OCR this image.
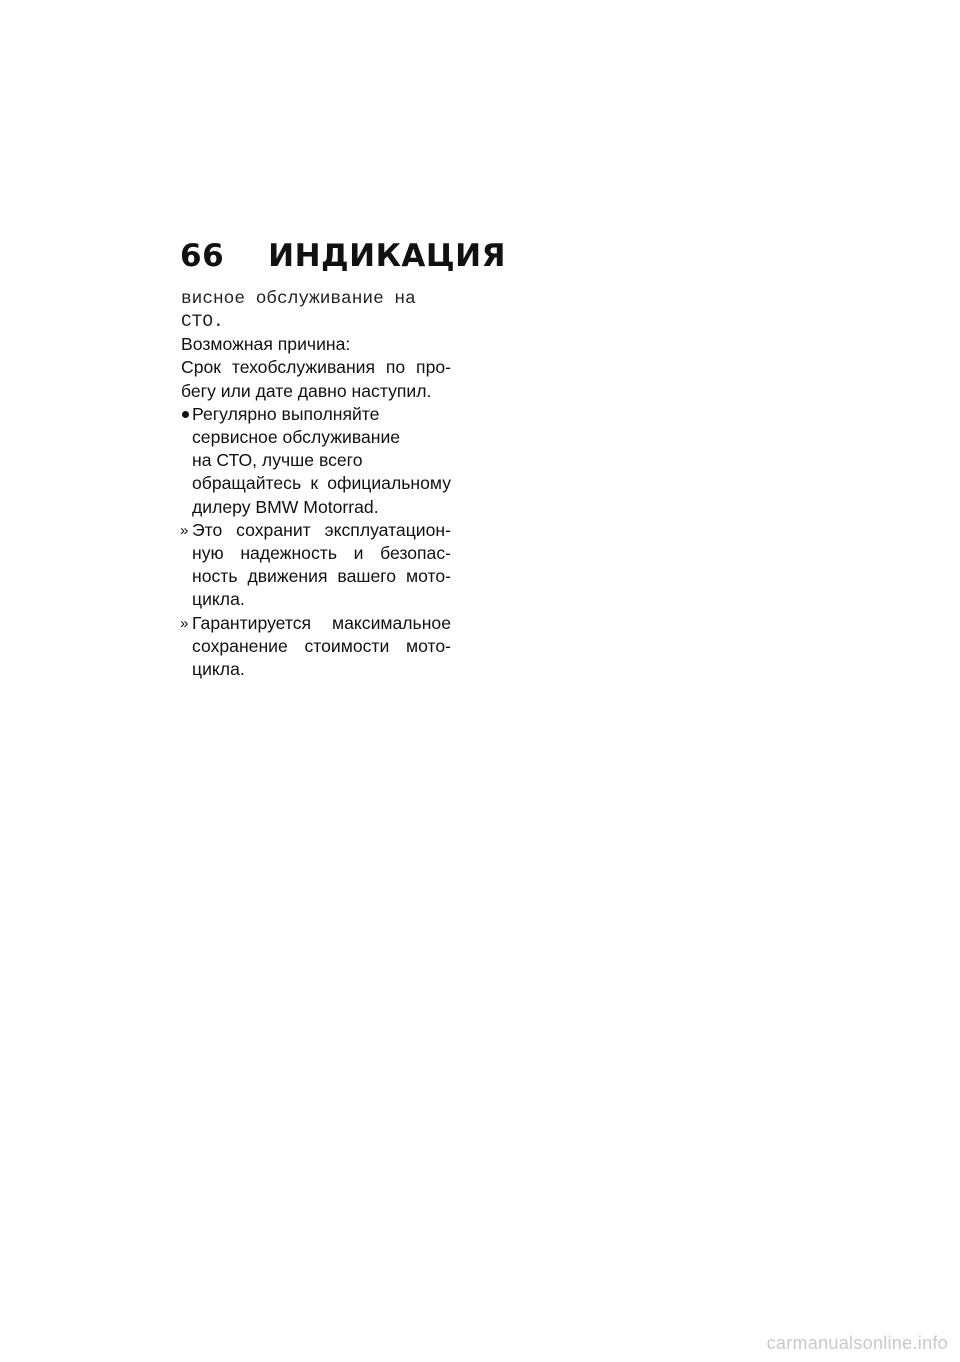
66 ИНДИКАЦИЯ
висное обслуживание на
СТО.
Возможная причина:
Срок техобслуживания по про-
бегу или дате давно наступил.
Регулярно выполняйте
сервисное обслуживание
на СТО, лучше всего
обращайтесь к официальному
дилеру BMW Motorrad.
» Это сохранит эксплуатацион-
ную надежность и безопас-
ность движения вашего мото-
цикла.
» Гарантируется максимальное
сохранение стоимости мото-
цикла.
carmanualsonline.info
